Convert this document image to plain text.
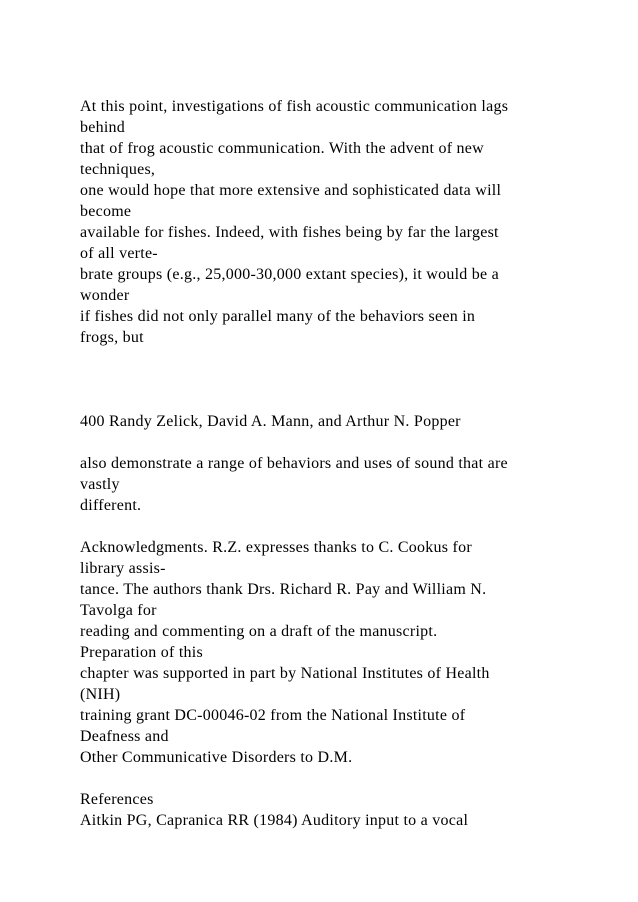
At this point, investigations of fish acoustic communication lags
behind
that of frog acoustic communication. With the advent of new
techniques,
one would hope that more extensive and sophisticated data will
become
available for fishes. Indeed, with fishes being by far the largest
of all verte-
brate groups (e.g., 25,000-30,000 extant species), it would be a
wonder
if fishes did not only parallel many of the behaviors seen in
frogs, but
400 Randy Zelick, David A. Mann, and Arthur N. Popper
also demonstrate a range of behaviors and uses of sound that are
vastly
different.
Acknowledgments. R.Z. expresses thanks to C. Cookus for
library assis-
tance. The authors thank Drs. Richard R. Pay and William N.
Tavolga for
reading and commenting on a draft of the manuscript.
Preparation of this
chapter was supported in part by National Institutes of Health
(NIH)
training grant DC-00046-02 from the National Institute of
Deafness and
Other Communicative Disorders to D.M.
References
Aitkin PG, Capranica RR (1984) Auditory input to a vocal
